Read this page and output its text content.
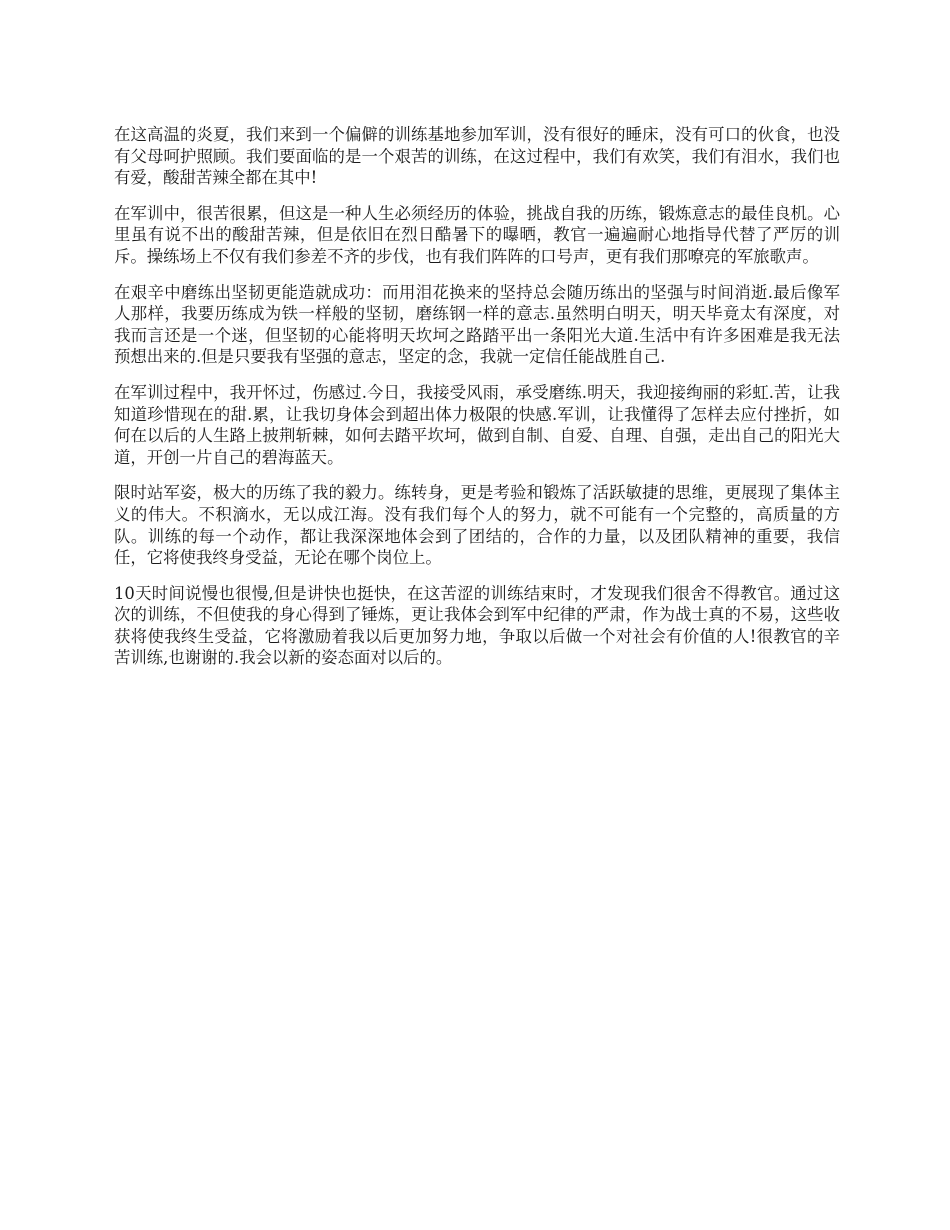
在这高温的炎夏，我们来到一个偏僻的训练基地参加军训，没有很好的睡床，没有可口的伙食，也没有父母呵护照顾。我们要面临的是一个艰苦的训练，在这过程中，我们有欢笑，我们有泪水，我们也有爱，酸甜苦辣全都在其中!

在军训中，很苦很累，但这是一种人生必须经历的体验，挑战自我的历练，锻炼意志的最佳良机。心里虽有说不出的酸甜苦辣，但是依旧在烈日酷暑下的曝晒，教官一遍遍耐心地指导代替了严厉的训斥。操练场上不仅有我们参差不齐的步伐，也有我们阵阵的口号声，更有我们那嘹亮的军旅歌声。

在艰辛中磨练出坚韧更能造就成功：而用泪花换来的坚持总会随历练出的坚强与时间消逝.最后像军人那样，我要历练成为铁一样般的坚韧，磨练钢一样的意志.虽然明白明天，明天毕竟太有深度，对我而言还是一个迷，但坚韧的心能将明天坎坷之路踏平出一条阳光大道.生活中有许多困难是我无法预想出来的.但是只要我有坚强的意志，坚定的念，我就一定信任能战胜自己.

在军训过程中，我开怀过，伤感过.今日，我接受风雨，承受磨练.明天，我迎接绚丽的彩虹.苦，让我知道珍惜现在的甜.累，让我切身体会到超出体力极限的快感.军训，让我懂得了怎样去应付挫折，如何在以后的人生路上披荆斩棘，如何去踏平坎坷，做到自制、自爱、自理、自强，走出自己的阳光大道，开创一片自己的碧海蓝天。

限时站军姿，极大的历练了我的毅力。练转身，更是考验和锻炼了活跃敏捷的思维，更展现了集体主义的伟大。不积滴水，无以成江海。没有我们每个人的努力，就不可能有一个完整的，高质量的方队。训练的每一个动作，都让我深深地体会到了团结的，合作的力量，以及团队精神的重要，我信任，它将使我终身受益，无论在哪个岗位上。

10天时间说慢也很慢,但是讲快也挺快，在这苦涩的训练结束时，才发现我们很舍不得教官。通过这次的训练，不但使我的身心得到了锤炼，更让我体会到军中纪律的严肃，作为战士真的不易，这些收获将使我终生受益，它将激励着我以后更加努力地，争取以后做一个对社会有价值的人!很教官的辛苦训练,也谢谢的.我会以新的姿态面对以后的。
